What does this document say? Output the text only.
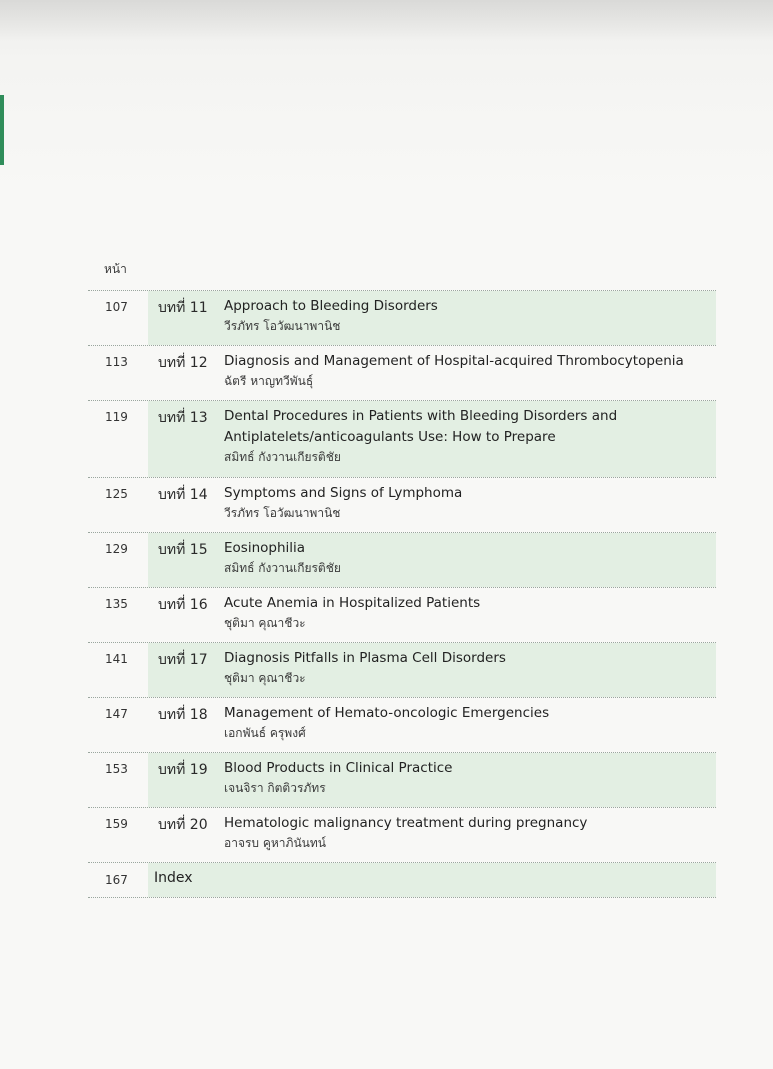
หน้า
107 บทที่ 11 Approach to Bleeding Disorders
วีรภัทร โอวัฒนาพานิช
113 บทที่ 12 Diagnosis and Management of Hospital-acquired Thrombocytopenia
ฉัตรี หาญทวีพันธุ์
119 บทที่ 13 Dental Procedures in Patients with Bleeding Disorders and
Antiplatelets/anticoagulants Use: How to Prepare
สมิทธ์ กังวานเกียรติชัย
125 บทที่ 14 Symptoms and Signs of Lymphoma
วีรภัทร โอวัฒนาพานิช
129 บทที่ 15 Eosinophilia
สมิทธ์ กังวานเกียรติชัย
135 บทที่ 16 Acute Anemia in Hospitalized Patients
ชุติมา คุณาชีวะ
141 บทที่ 17 Diagnosis Pitfalls in Plasma Cell Disorders
ชุติมา คุณาชีวะ
147 บทที่ 18 Management of Hemato-oncologic Emergencies
เอกพันธ์ ครุพงศ์
153 บทที่ 19 Blood Products in Clinical Practice
เจนจิรา กิตติวรภัทร
159 บทที่ 20 Hematologic malignancy treatment during pregnancy
อาจรบ คูหาภินันทน์
167 Index
